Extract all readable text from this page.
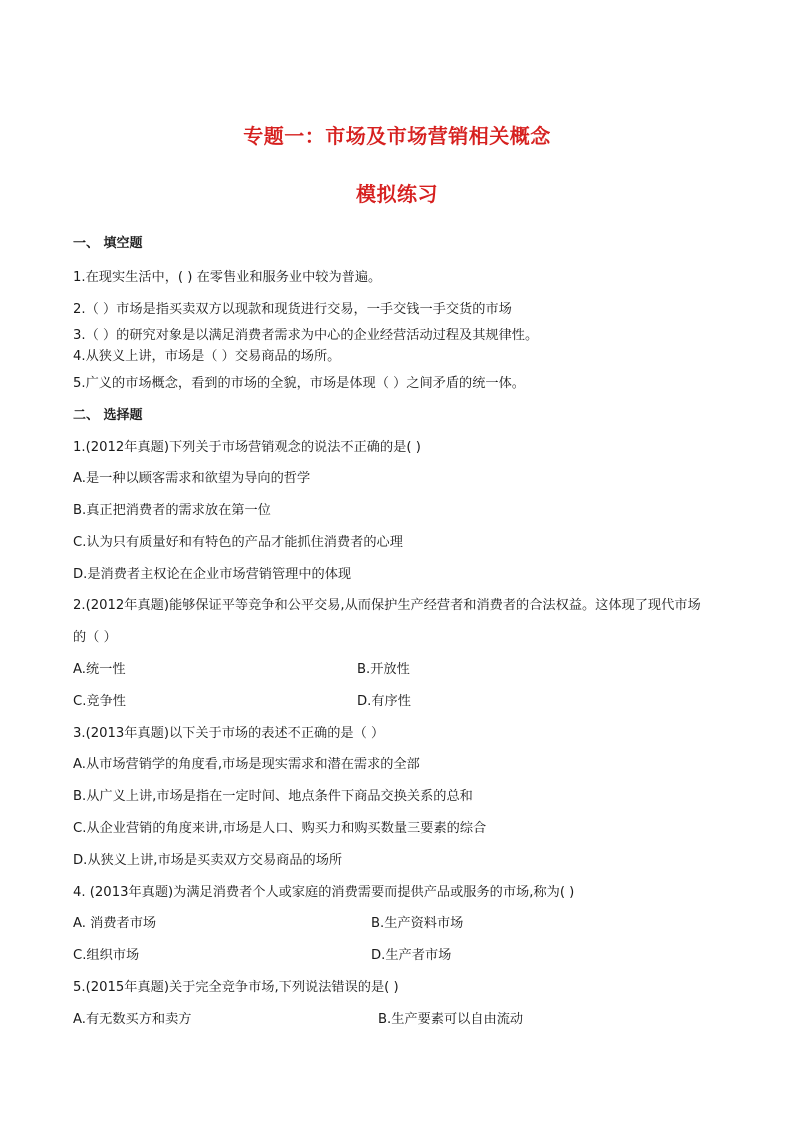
专题一：市场及市场营销相关概念
模拟练习
一、 填空题
1.在现实生活中，( ) 在零售业和服务业中较为普遍。
2.（ ）市场是指买卖双方以现款和现货进行交易，一手交钱一手交货的市场
3.（ ）的研究对象是以满足消费者需求为中心的企业经营活动过程及其规律性。
4.从狭义上讲，市场是（ ）交易商品的场所。
5.广义的市场概念，看到的市场的全貌，市场是体现（ ）之间矛盾的统一体。
二、 选择题
1.(2012年真题)下列关于市场营销观念的说法不正确的是( )
A.是一种以顾客需求和欲望为导向的哲学
B.真正把消费者的需求放在第一位
C.认为只有质量好和有特色的产品才能抓住消费者的心理
D.是消费者主权论在企业市场营销管理中的体现
2.(2012年真题)能够保证平等竞争和公平交易,从而保护生产经营者和消费者的合法权益。这体现了现代市场
的（ ）
A.统一性	B.开放性
C.竞争性	D.有序性
3.(2013年真题)以下关于市场的表述不正确的是（ ）
A.从市场营销学的角度看,市场是现实需求和潜在需求的全部
B.从广义上讲,市场是指在一定时间、地点条件下商品交换关系的总和
C.从企业营销的角度来讲,市场是人口、购买力和购买数量三要素的综合
D.从狭义上讲,市场是买卖双方交易商品的场所
4. (2013年真题)为满足消费者个人或家庭的消费需要而提供产品或服务的市场,称为( )
A. 消费者市场	B.生产资料市场
C.组织市场	D.生产者市场
5.(2015年真题)关于完全竞争市场,下列说法错误的是( )
A.有无数买方和卖方	B.生产要素可以自由流动
